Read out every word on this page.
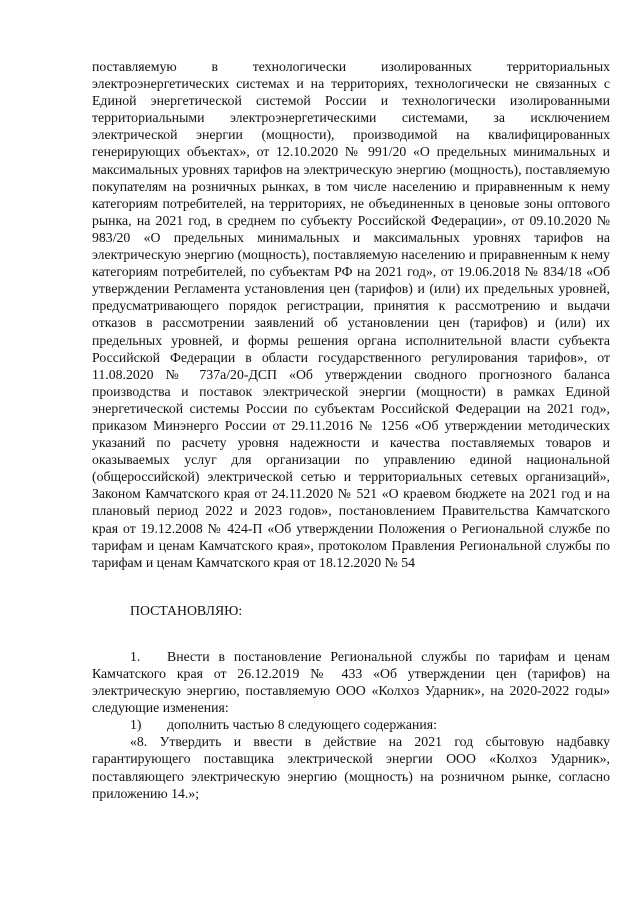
поставляемую в технологически изолированных территориальных электроэнергетических системах и на территориях, технологически не связанных с Единой энергетической системой России и технологически изолированными территориальными электроэнергетическими системами, за исключением электрической энергии (мощности), производимой на квалифицированных генерирующих объектах», от 12.10.2020 № 991/20 «О предельных минимальных и максимальных уровнях тарифов на электрическую энергию (мощность), поставляемую покупателям на розничных рынках, в том числе населению и приравненным к нему категориям потребителей, на территориях, не объединенных в ценовые зоны оптового рынка, на 2021 год, в среднем по субъекту Российской Федерации», от 09.10.2020 № 983/20 «О предельных минимальных и максимальных уровнях тарифов на электрическую энергию (мощность), поставляемую населению и приравненным к нему категориям потребителей, по субъектам РФ на 2021 год», от 19.06.2018 № 834/18 «Об утверждении Регламента установления цен (тарифов) и (или) их предельных уровней, предусматривающего порядок регистрации, принятия к рассмотрению и выдачи отказов в рассмотрении заявлений об установлении цен (тарифов) и (или) их предельных уровней, и формы решения органа исполнительной власти субъекта Российской Федерации в области государственного регулирования тарифов», от 11.08.2020 № 737а/20-ДСП «Об утверждении сводного прогнозного баланса производства и поставок электрической энергии (мощности) в рамках Единой энергетической системы России по субъектам Российской Федерации на 2021 год», приказом Минэнерго России от 29.11.2016 № 1256 «Об утверждении методических указаний по расчету уровня надежности и качества поставляемых товаров и оказываемых услуг для организации по управлению единой национальной (общероссийской) электрической сетью и территориальных сетевых организаций», Законом Камчатского края от 24.11.2020 № 521 «О краевом бюджете на 2021 год и на плановый период 2022 и 2023 годов», постановлением Правительства Камчатского края от 19.12.2008 № 424-П «Об утверждении Положения о Региональной службе по тарифам и ценам Камчатского края», протоколом Правления Региональной службы по тарифам и ценам Камчатского края от 18.12.2020 № 54

ПОСТАНОВЛЯЮ:

1. Внести в постановление Региональной службы по тарифам и ценам Камчатского края от 26.12.2019 № 433 «Об утверждении цен (тарифов) на электрическую энергию, поставляемую ООО «Колхоз Ударник», на 2020-2022 годы» следующие изменения:

1) дополнить частью 8 следующего содержания:

«8. Утвердить и ввести в действие на 2021 год сбытовую надбавку гарантирующего поставщика электрической энергии ООО «Колхоз Ударник», поставляющего электрическую энергию (мощность) на розничном рынке, согласно приложению 14.»;
